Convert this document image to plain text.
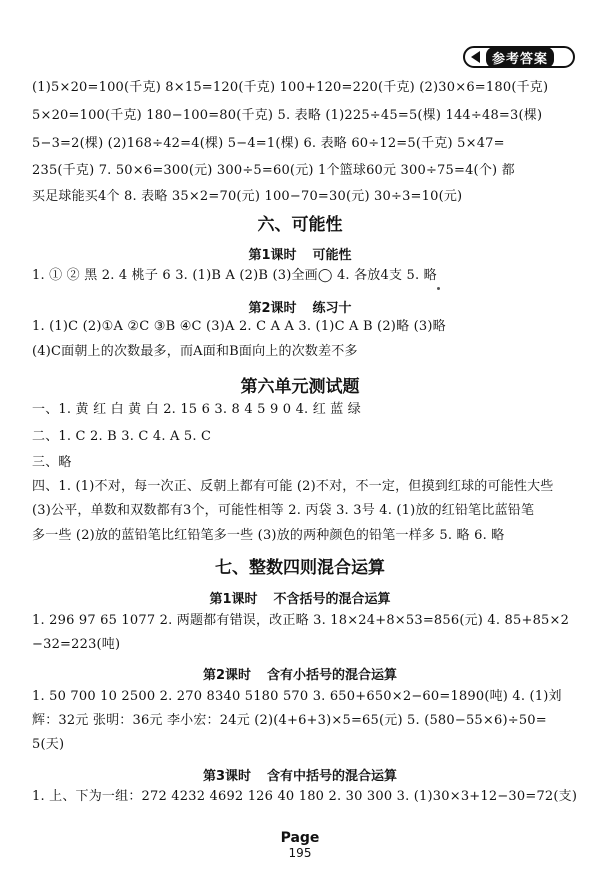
参考答案
(1)5×20=100(千克) 8×15=120(千克) 100+120=220(千克) (2)30×6=180(千克)
5×20=100(千克) 180−100=80(千克) 5. 表略 (1)225÷45=5(棵) 144÷48=3(棵)
5−3=2(棵) (2)168÷42=4(棵) 5−4=1(棵) 6. 表略 60÷12=5(千克) 5×47=
235(千克) 7. 50×6=300(元) 300÷5=60(元) 1个篮球60元 300÷75=4(个) 都
买足球能买4个 8. 表略 35×2=70(元) 100−70=30(元) 30÷3=10(元)
六、可能性
第1课时 可能性
1. ① ② 黑 2. 4 桃子 6 3. (1)B A (2)B (3)全画◯ 4. 各放4支 5. 略
第2课时 练习十
1. (1)C (2)①A ②C ③B ④C (3)A 2. C A A 3. (1)C A B (2)略 (3)略
(4)C面朝上的次数最多，而A面和B面向上的次数差不多
第六单元测试题
一、1. 黄 红 白 黄 白 2. 15 6 3. 8 4 5 9 0 4. 红 蓝 绿
二、1. C 2. B 3. C 4. A 5. C
三、略
四、1. (1)不对，每一次正、反朝上都有可能 (2)不对，不一定，但摸到红球的可能性大些
(3)公平，单数和双数都有3个，可能性相等 2. 丙袋 3. 3号 4. (1)放的红铅笔比蓝铅笔
多一些 (2)放的蓝铅笔比红铅笔多一些 (3)放的两种颜色的铅笔一样多 5. 略 6. 略
七、整数四则混合运算
第1课时 不含括号的混合运算
1. 296 97 65 1077 2. 两题都有错误，改正略 3. 18×24+8×53=856(元) 4. 85+85×2
−32=223(吨)
第2课时 含有小括号的混合运算
1. 50 700 10 2500 2. 270 8340 5180 570 3. 650+650×2−60=1890(吨) 4. (1)刘
辉：32元 张明：36元 李小宏：24元 (2)(4+6+3)×5=65(元) 5. (580−55×6)÷50=
5(天)
第3课时 含有中括号的混合运算
1. 上、下为一组：272 4232 4692 126 40 180 2. 30 300 3. (1)30×3+12−30=72(支)
Page
195
